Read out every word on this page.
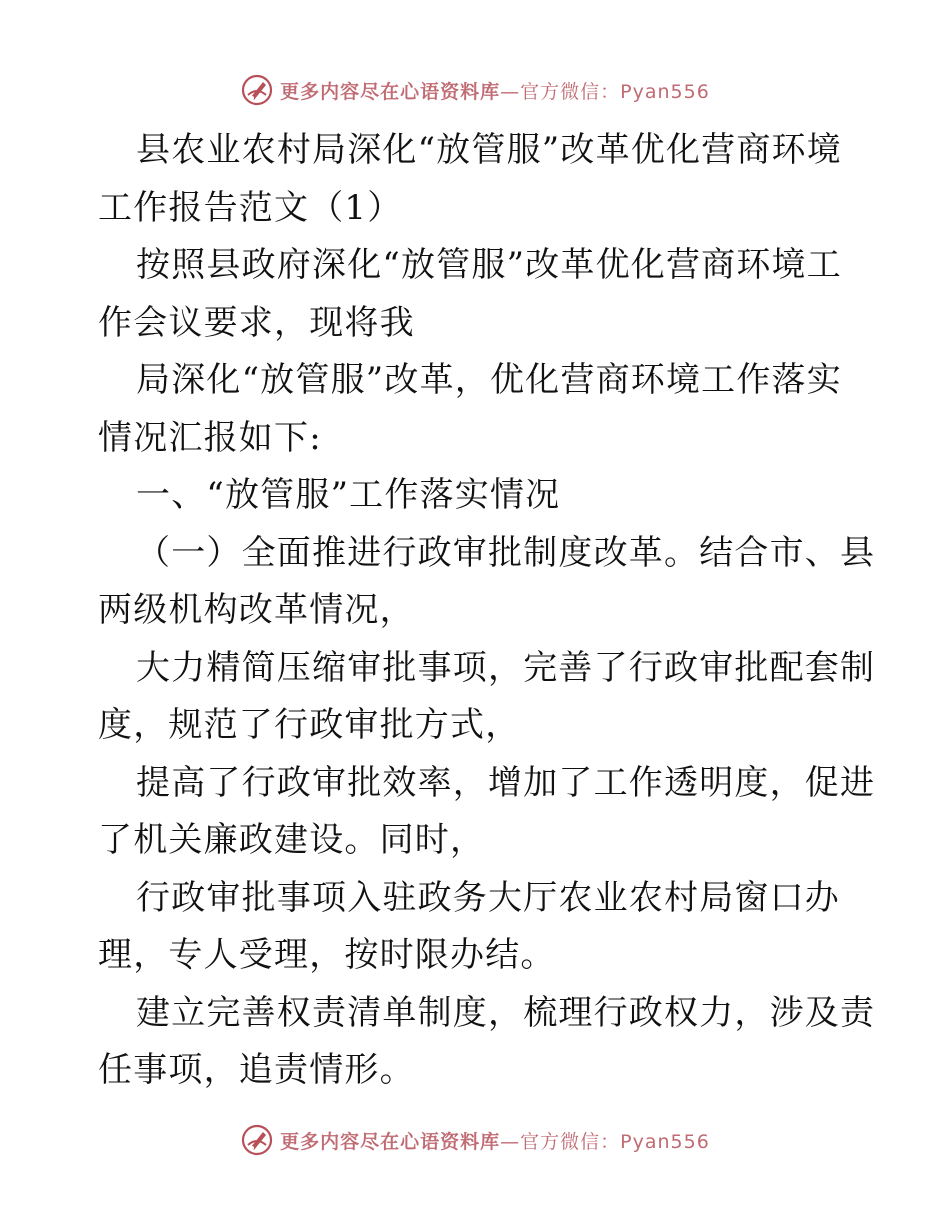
更多内容尽在心语资料库—官方微信：Pyan556
县农业农村局深化“放管服”改革优化营商环境
工作报告范文（1）
按照县政府深化“放管服”改革优化营商环境工
作会议要求，现将我
局深化“放管服”改革，优化营商环境工作落实
情况汇报如下:
一、“放管服”工作落实情况
（一）全面推进行政审批制度改革。结合市、县
两级机构改革情况，
大力精简压缩审批事项，完善了行政审批配套制
度，规范了行政审批方式，
提高了行政审批效率，增加了工作透明度，促进
了机关廉政建设。同时，
行政审批事项入驻政务大厅农业农村局窗口办
理，专人受理，按时限办结。
建立完善权责清单制度，梳理行政权力，涉及责
任事项，追责情形。
更多内容尽在心语资料库—官方微信：Pyan556
